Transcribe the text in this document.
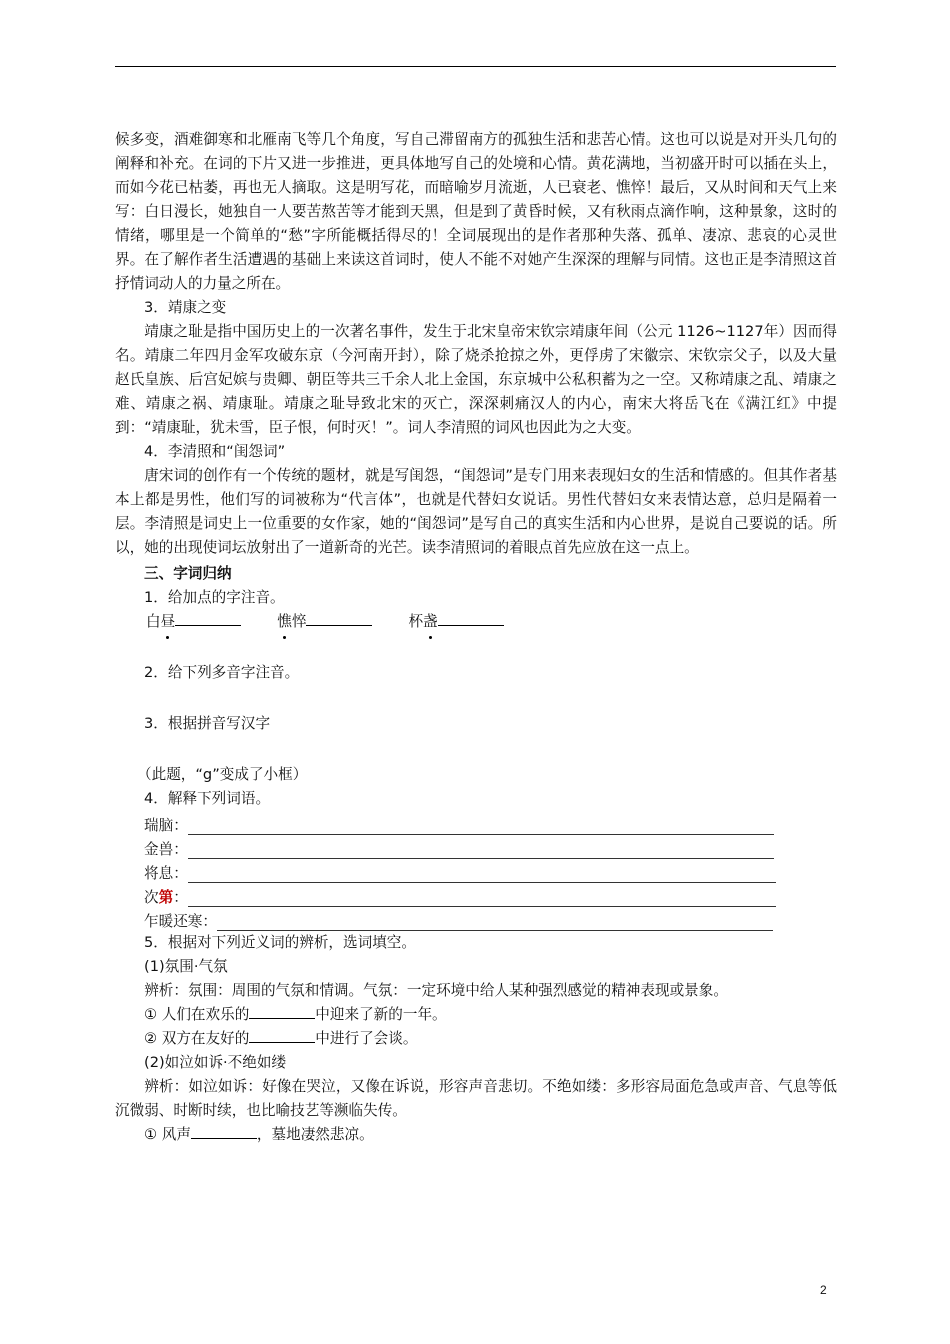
候多变，酒难御寒和北雁南飞等几个角度，写自己滞留南方的孤独生活和悲苦心情。这也可以说是对开头几句的阐释和补充。在词的下片又进一步推进，更具体地写自己的处境和心情。黄花满地，当初盛开时可以插在头上，而如今花已枯萎，再也无人摘取。这是明写花，而暗喻岁月流逝，人已衰老、憔悴！最后，又从时间和天气上来写：白日漫长，她独自一人要苦熬苦等才能到天黑，但是到了黄昏时候，又有秋雨点滴作响，这种景象，这时的情绪，哪里是一个简单的“愁”字所能概括得尽的！全词展现出的是作者那种失落、孤单、凄凉、悲哀的心灵世界。在了解作者生活遭遇的基础上来读这首词时，使人不能不对她产生深深的理解与同情。这也正是李清照这首抒情词动人的力量之所在。

3．靖康之变

靖康之耻是指中国历史上的一次著名事件，发生于北宋皇帝宋钦宗靖康年间（公元 1126~1127年）因而得名。靖康二年四月金军攻破东京（今河南开封），除了烧杀抢掠之外，更俘虏了宋徽宗、宋钦宗父子，以及大量赵氏皇族、后宫妃嫔与贵卿、朝臣等共三千余人北上金国，东京城中公私积蓄为之一空。又称靖康之乱、靖康之难、靖康之祸、靖康耻。靖康之耻导致北宋的灭亡，深深刺痛汉人的内心，南宋大将岳飞在《满江红》中提到：“靖康耻，犹未雪，臣子恨，何时灭！”。词人李清照的词风也因此为之大变。

4．李清照和“闺怨词”

唐宋词的创作有一个传统的题材，就是写闺怨，“闺怨词”是专门用来表现妇女的生活和情感的。但其作者基本上都是男性，他们写的词被称为“代言体”，也就是代替妇女说话。男性代替妇女来表情达意，总归是隔着一层。李清照是词史上一位重要的女作家，她的“闺怨词”是写自己的真实生活和内心世界，是说自己要说的话。所以，她的出现使词坛放射出了一道新奇的光芒。读李清照词的着眼点首先应放在这一点上。

三、字词归纳

1．给加点的字注音。

白昼	憔悴	杯盏

2．给下列多音字注音。

3．根据拼音写汉字

（此题，“g”变成了小框）

4．解释下列词语。

瑞脑：
金兽：
将息：
次第：
乍暖还寒：

5．根据对下列近义词的辨析，选词填空。

(1)氛围·气氛

辨析：氛围：周围的气氛和情调。气氛：一定环境中给人某种强烈感觉的精神表现或景象。

① 人们在欢乐的	中迎来了新的一年。

② 双方在友好的	中进行了会谈。

(2)如泣如诉·不绝如缕

辨析：如泣如诉：好像在哭泣，又像在诉说，形容声音悲切。不绝如缕：多形容局面危急或声音、气息等低沉微弱、时断时续，也比喻技艺等濒临失传。

① 风声	，墓地凄然悲凉。

2
